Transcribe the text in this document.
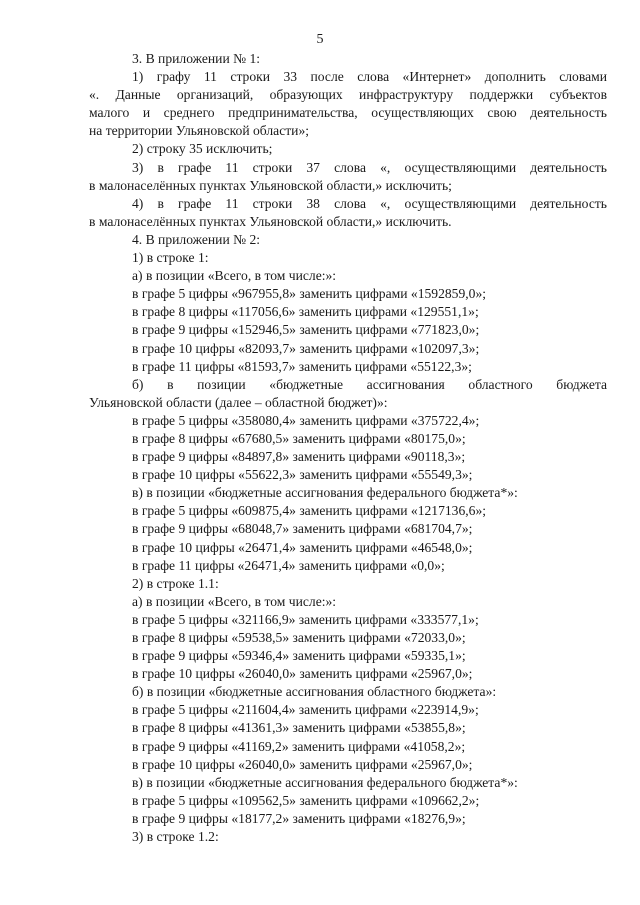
5
3. В приложении № 1:
1) графу 11 строки 33 после слова «Интернет» дополнить словами
«. Данные организаций, образующих инфраструктуру поддержки субъектов
малого и среднего предпринимательства, осуществляющих свою деятельность
на территории Ульяновской области»;
2) строку 35 исключить;
3) в графе 11 строки 37 слова «, осуществляющими деятельность
в малонаселённых пунктах Ульяновской области,» исключить;
4) в графе 11 строки 38 слова «, осуществляющими деятельность
в малонаселённых пунктах Ульяновской области,» исключить.
4. В приложении № 2:
1) в строке 1:
а) в позиции «Всего, в том числе:»:
в графе 5 цифры «967955,8» заменить цифрами «1592859,0»;
в графе 8 цифры «117056,6» заменить цифрами «129551,1»;
в графе 9 цифры «152946,5» заменить цифрами «771823,0»;
в графе 10 цифры «82093,7» заменить цифрами «102097,3»;
в графе 11 цифры «81593,7» заменить цифрами «55122,3»;
б) в позиции «бюджетные ассигнования областного бюджета
Ульяновской области (далее – областной бюджет)»:
в графе 5 цифры «358080,4» заменить цифрами «375722,4»;
в графе 8 цифры «67680,5» заменить цифрами «80175,0»;
в графе 9 цифры «84897,8» заменить цифрами «90118,3»;
в графе 10 цифры «55622,3» заменить цифрами «55549,3»;
в) в позиции «бюджетные ассигнования федерального бюджета*»:
в графе 5 цифры «609875,4» заменить цифрами «1217136,6»;
в графе 9 цифры «68048,7» заменить цифрами «681704,7»;
в графе 10 цифры «26471,4» заменить цифрами «46548,0»;
в графе 11 цифры «26471,4» заменить цифрами «0,0»;
2) в строке 1.1:
а) в позиции «Всего, в том числе:»:
в графе 5 цифры «321166,9» заменить цифрами «333577,1»;
в графе 8 цифры «59538,5» заменить цифрами «72033,0»;
в графе 9 цифры «59346,4» заменить цифрами «59335,1»;
в графе 10 цифры «26040,0» заменить цифрами «25967,0»;
б) в позиции «бюджетные ассигнования областного бюджета»:
в графе 5 цифры «211604,4» заменить цифрами «223914,9»;
в графе 8 цифры «41361,3» заменить цифрами «53855,8»;
в графе 9 цифры «41169,2» заменить цифрами «41058,2»;
в графе 10 цифры «26040,0» заменить цифрами «25967,0»;
в) в позиции «бюджетные ассигнования федерального бюджета*»:
в графе 5 цифры «109562,5» заменить цифрами «109662,2»;
в графе 9 цифры «18177,2» заменить цифрами «18276,9»;
3) в строке 1.2:
